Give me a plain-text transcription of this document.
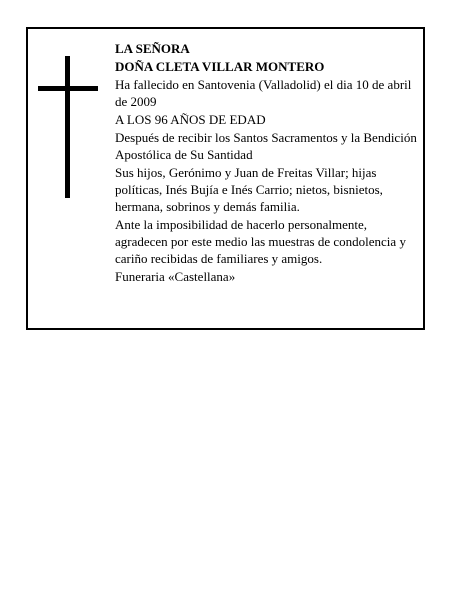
LA SEÑORA

DOÑA CLETA VILLAR MONTERO

Ha fallecido en Santovenia (Valladolid) el dia 10 de abril de 2009

A LOS 96 AÑOS DE EDAD

Después de recibir los Santos Sacramentos y la Bendición Apostólica de Su Santidad

Sus hijos, Gerónimo y Juan de Freitas Villar; hijas políticas, Inés Bujía e Inés Carrio; nietos, bisnietos, hermana, sobrinos y demás familia.

Ante la imposibilidad de hacerlo personalmente, agradecen por este medio las muestras de condolencia y cariño recibidas de familiares y amigos.

Funeraria «Castellana»
